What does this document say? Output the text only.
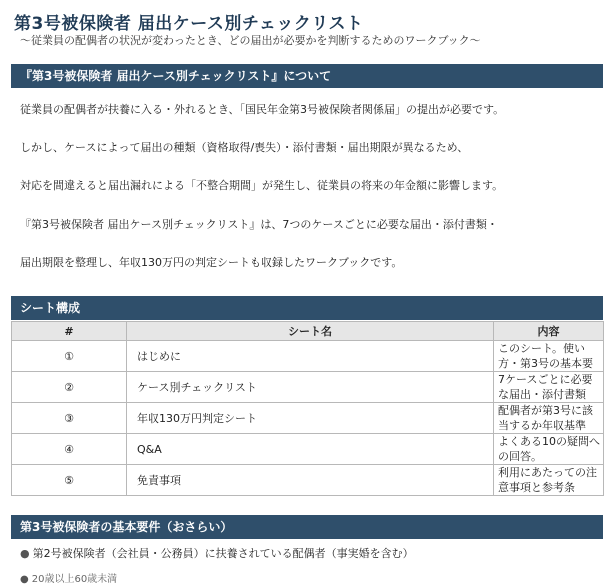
第3号被保険者 届出ケース別チェックリスト
～従業員の配偶者の状況が変わったとき、どの届出が必要かを判断するためのワークブック～
『第3号被保険者 届出ケース別チェックリスト』について
従業員の配偶者が扶養に入る・外れるとき、「国民年金第3号被保険者関係届」の提出が必要です。
しかし、ケースによって届出の種類（資格取得/喪失）・添付書類・届出期限が異なるため、
対応を間違えると届出漏れによる「不整合期間」が発生し、従業員の将来の年金額に影響します。
『第3号被保険者 届出ケース別チェックリスト』は、7つのケースごとに必要な届出・添付書類・
届出期限を整理し、年収130万円の判定シートも収録したワークブックです。
シート構成
#	シート名	内容
①	はじめに	このシート。使い方・第3号の基本要

②	ケース別チェックリスト	7ケースごとに必要な届出・添付書類

③	年収130万円判定シート	配偶者が第3号に該当するか年収基準

④	Q&A	よくある10の疑問への回答。

⑤	免責事項	利用にあたっての注意事項と参考条
第3号被保険者の基本要件（おさらい）
● 第2号被保険者（会社員・公務員）に扶養されている配偶者（事実婚を含む）
● 20歳以上60歳未満
